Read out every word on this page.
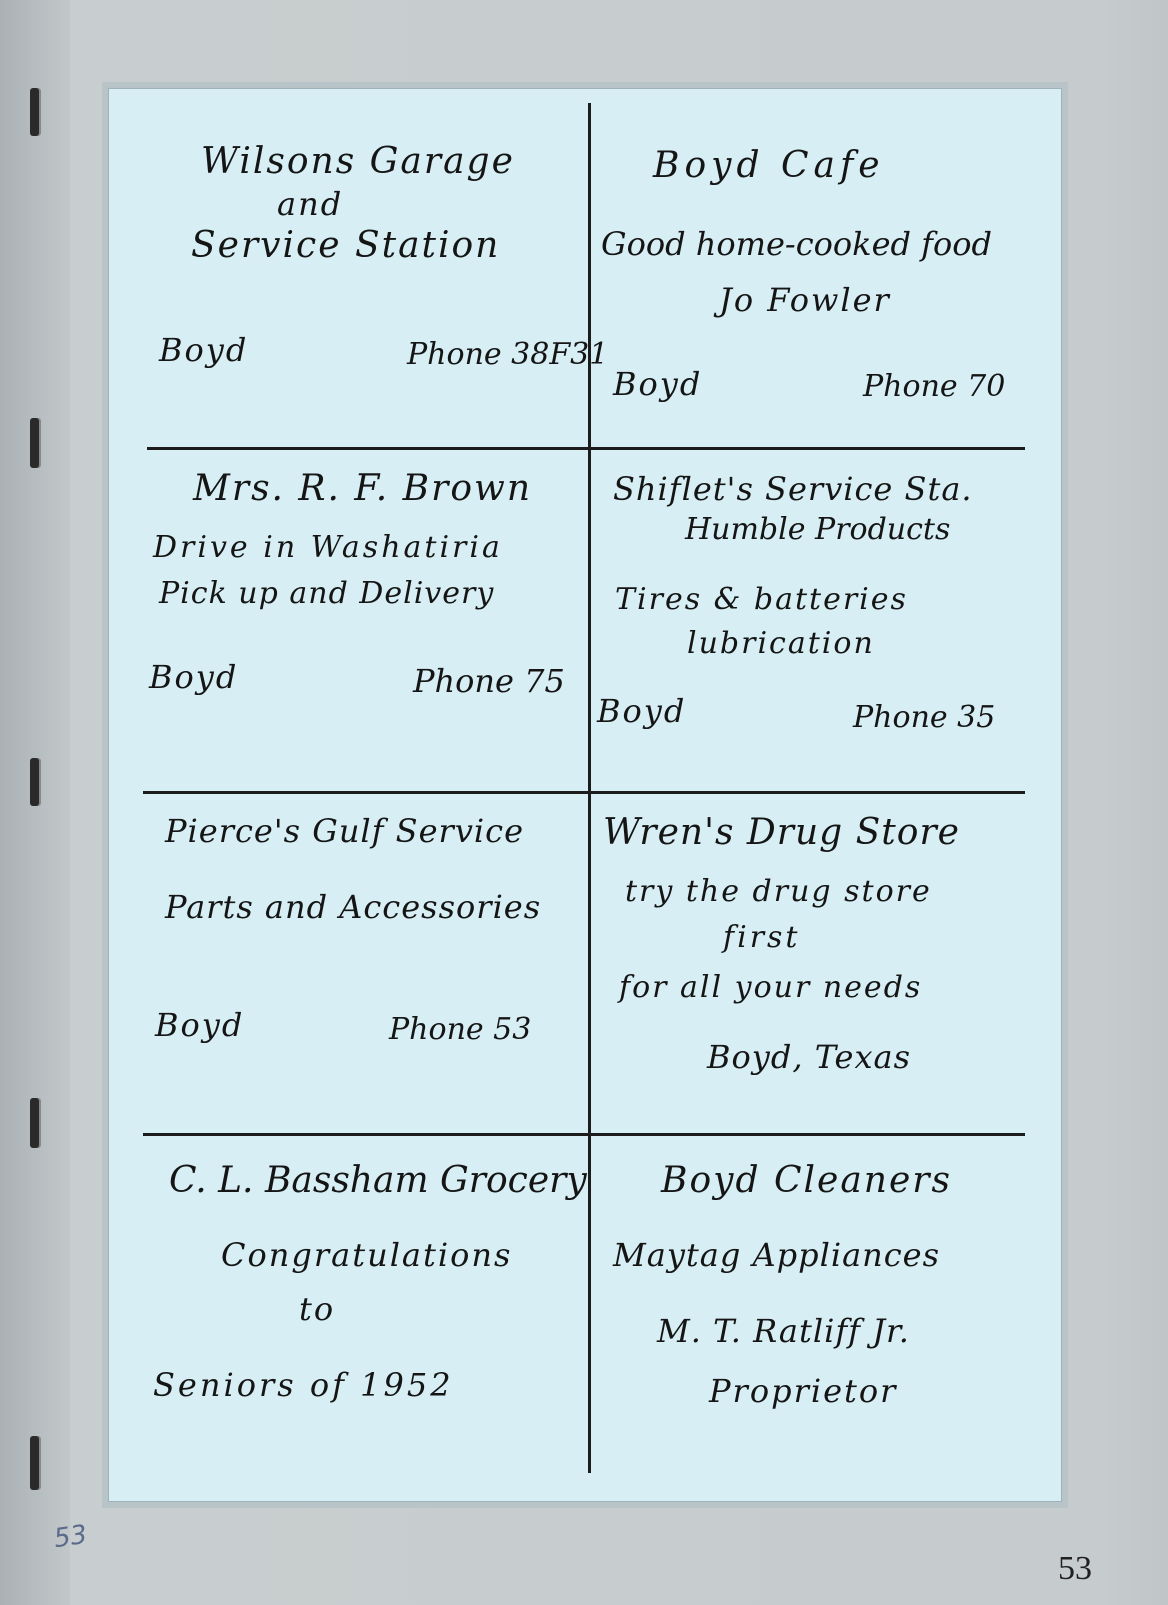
Wilsons Garage
and
Service Station
Boyd	Phone 38F31
Boyd Cafe
Good home-cooked food
Jo Fowler
Boyd	Phone 70
Mrs. R. F. Brown
Drive in Washatiria
Pick up and Delivery
Boyd	Phone 75
Shiflet's Service Sta.
Humble Products
Tires & batteries
lubrication
Boyd	Phone 35
Pierce's Gulf Service
Parts and Accessories
Boyd	Phone 53
Wren's Drug Store
try the drug store
first
for all your needs
Boyd, Texas
C. L. Bassham Grocery
Congratulations
to
Seniors of 1952
Boyd Cleaners
Maytag Appliances
M. T. Ratliff Jr.
Proprietor
53
53
